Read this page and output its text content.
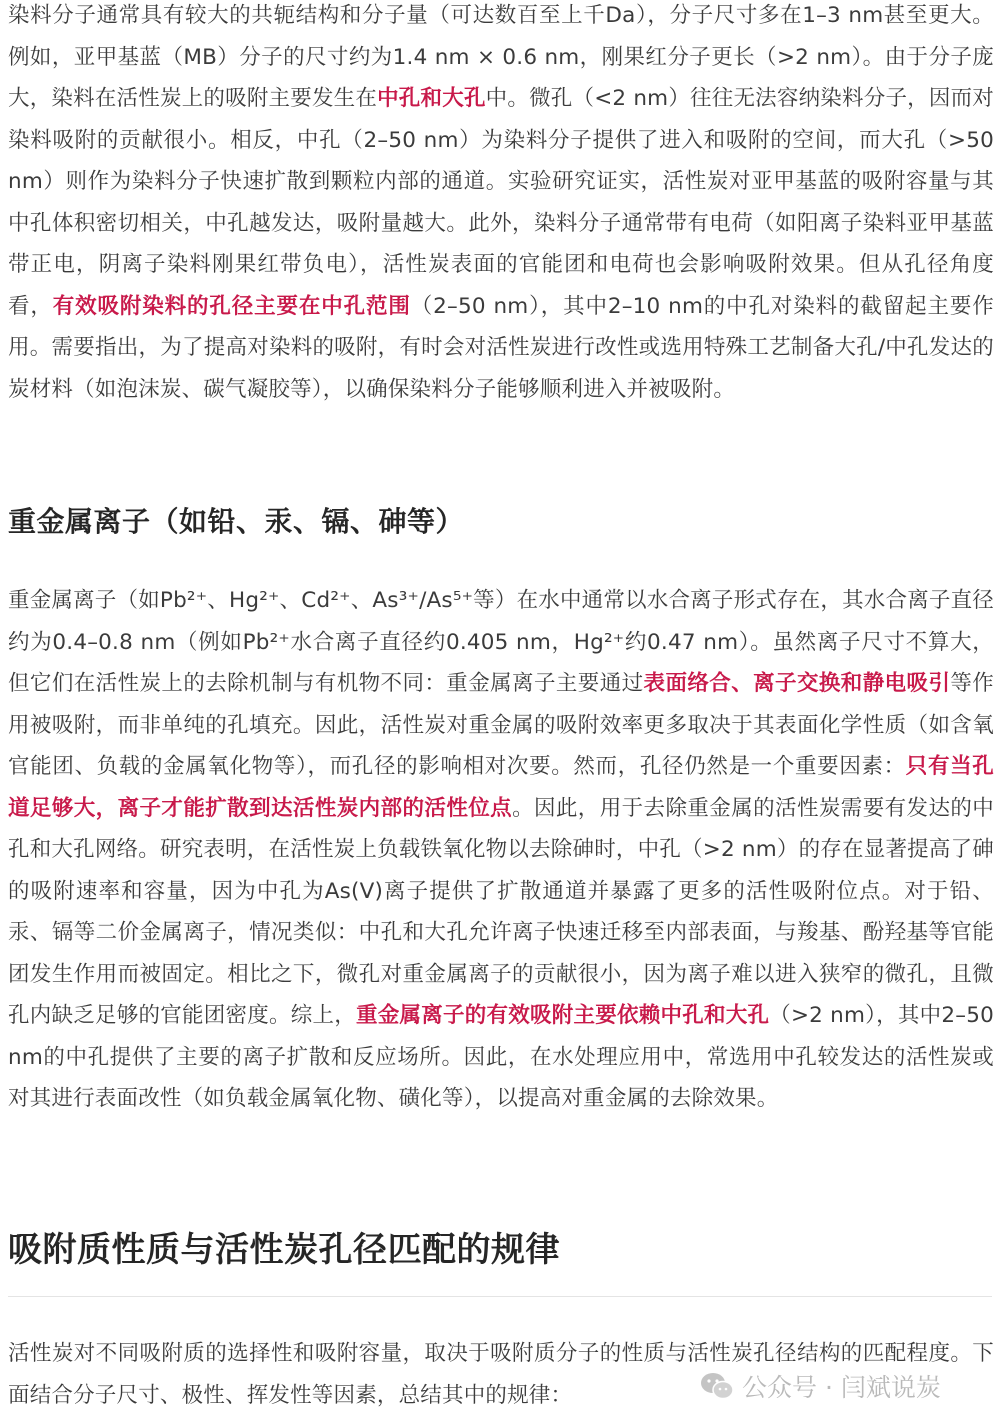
染料分子通常具有较大的共轭结构和分子量（可达数百至上千Da），分子尺寸多在1–3 nm甚至更大。例如，亚甲基蓝（MB）分子的尺寸约为1.4 nm × 0.6 nm，刚果红分子更长（>2 nm）。由于分子庞大，染料在活性炭上的吸附主要发生在中孔和大孔中。微孔（<2 nm）往往无法容纳染料分子，因而对染料吸附的贡献很小。相反，中孔（2–50 nm）为染料分子提供了进入和吸附的空间，而大孔（>50 nm）则作为染料分子快速扩散到颗粒内部的通道。实验研究证实，活性炭对亚甲基蓝的吸附容量与其中孔体积密切相关，中孔越发达，吸附量越大。此外，染料分子通常带有电荷（如阳离子染料亚甲基蓝带正电，阴离子染料刚果红带负电），活性炭表面的官能团和电荷也会影响吸附效果。但从孔径角度看，有效吸附染料的孔径主要在中孔范围（2–50 nm），其中2–10 nm的中孔对染料的截留起主要作用。需要指出，为了提高对染料的吸附，有时会对活性炭进行改性或选用特殊工艺制备大孔/中孔发达的炭材料（如泡沫炭、碳气凝胶等），以确保染料分子能够顺利进入并被吸附。

重金属离子（如铅、汞、镉、砷等）

重金属离子（如Pb²⁺、Hg²⁺、Cd²⁺、As³⁺/As⁵⁺等）在水中通常以水合离子形式存在，其水合离子直径约为0.4–0.8 nm（例如Pb²⁺水合离子直径约0.405 nm，Hg²⁺约0.47 nm）。虽然离子尺寸不算大，但它们在活性炭上的去除机制与有机物不同：重金属离子主要通过表面络合、离子交换和静电吸引等作用被吸附，而非单纯的孔填充。因此，活性炭对重金属的吸附效率更多取决于其表面化学性质（如含氧官能团、负载的金属氧化物等），而孔径的影响相对次要。然而，孔径仍然是一个重要因素：只有当孔道足够大，离子才能扩散到达活性炭内部的活性位点。因此，用于去除重金属的活性炭需要有发达的中孔和大孔网络。研究表明，在活性炭上负载铁氧化物以去除砷时，中孔（>2 nm）的存在显著提高了砷的吸附速率和容量，因为中孔为As(V)离子提供了扩散通道并暴露了更多的活性吸附位点。对于铅、汞、镉等二价金属离子，情况类似：中孔和大孔允许离子快速迁移至内部表面，与羧基、酚羟基等官能团发生作用而被固定。相比之下，微孔对重金属离子的贡献很小，因为离子难以进入狭窄的微孔，且微孔内缺乏足够的官能团密度。综上，重金属离子的有效吸附主要依赖中孔和大孔（>2 nm），其中2–50 nm的中孔提供了主要的离子扩散和反应场所。因此，在水处理应用中，常选用中孔较发达的活性炭或对其进行表面改性（如负载金属氧化物、磺化等），以提高对重金属的去除效果。

吸附质性质与活性炭孔径匹配的规律

活性炭对不同吸附质的选择性和吸附容量，取决于吸附质分子的性质与活性炭孔径结构的匹配程度。下面结合分子尺寸、极性、挥发性等因素，总结其中的规律：	公众号 · 闫斌说炭
